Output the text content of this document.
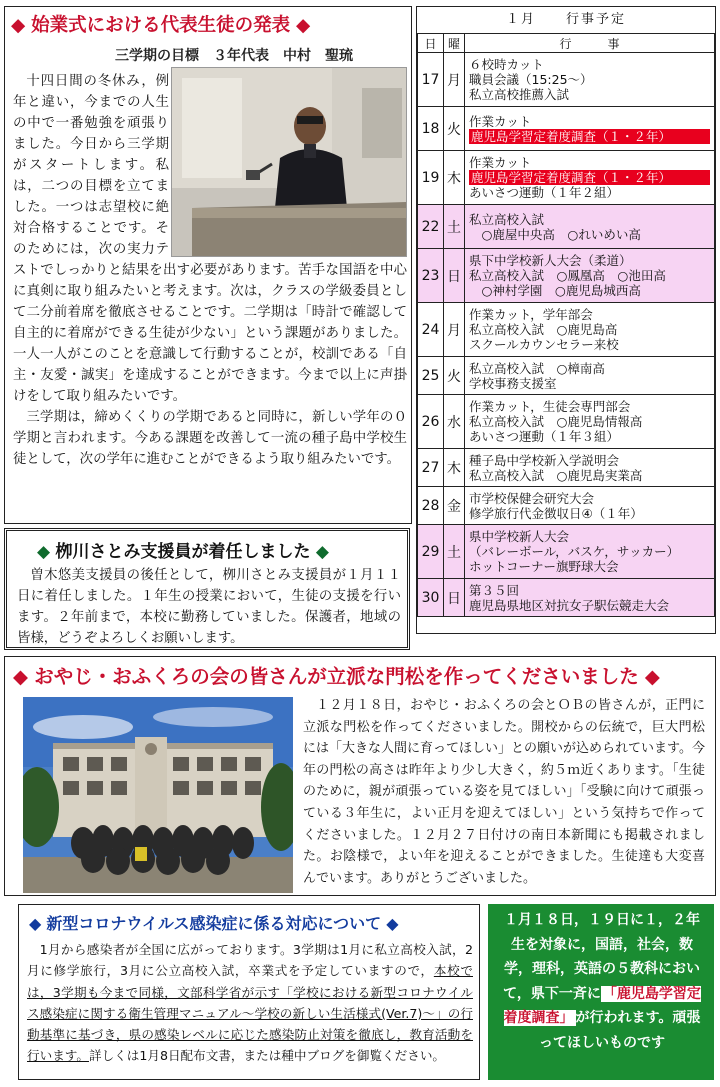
◆ 始業式における代表生徒の発表 ◆
三学期の目標　３年代表　中村　聖琉

十四日間の冬休み，例年と違い，今までの人生の中で一番勉強を頑張りました。今日から三学期がスタートします。私は，二つの目標を立てました。一つは志望校に絶対合格することです。そのためには，次の実力テストでしっかりと結果を出す必要があります。苦手な国語を中心に真剣に取り組みたいと考えます。次は，クラスの学級委員として二分前着席を徹底させることです。二学期は「時計で確認して自主的に着席ができる生徒が少ない」という課題がありました。一人一人がこのことを意識して行動することが，校訓である「自主・友愛・誠実」を達成することができます。今まで以上に声掛けをして取り組みたいです。

三学期は，締めくくりの学期であると同時に，新しい学年の０学期と言われます。今ある課題を改善して一流の種子島中学校生徒として，次の学年に進むことができるよう取り組みたいです。

１月　　行事予定
日	曜	行　　　事
17	月	６校時カット
職員会議（15:25～）
私立高校推薦入試

18	火	作業カット
鹿児島学習定着度調査（１・２年）
19	木	作業カット
鹿児島学習定着度調査（１・２年）
あいさつ運動（１年２組）

22	土	私立高校入試
　○鹿屋中央高　○れいめい高

23	日	県下中学校新人大会（柔道）
私立高校入試　○鳳凰高　○池田高
　○神村学園　○鹿児島城西高

24	月	作業カット，学年部会
私立高校入試　○鹿児島高
スクールカウンセラー来校

25	火	私立高校入試　○樟南高
学校事務支援室

26	水	作業カット，生徒会専門部会
私立高校入試　○鹿児島情報高
あいさつ運動（１年３組）

27	木	種子島中学校新入学説明会
私立高校入試　○鹿児島実業高

28	金	市学校保健会研究大会
修学旅行代金徴収日④（１年）

29	土	県中学校新人大会
（バレーボール，バスケ，サッカー）
ホットコーナー旗野球大会

30	日	第３５回
鹿児島県地区対抗女子駅伝競走大会
◆ 栁川さとみ支援員が着任しました ◆

曽木悠美支援員の後任として，栁川さとみ支援員が１月１１日に着任しました。１年生の授業において，生徒の支援を行います。２年前まで，本校に勤務していました。保護者，地域の皆様，どうぞよろしくお願いします。

◆ おやじ・おふくろの会の皆さんが立派な門松を作ってくださいました ◆

１２月１８日，おやじ・おふくろの会とＯＢの皆さんが，正門に立派な門松を作ってくださいました。開校からの伝統で，巨大門松には「大きな人間に育ってほしい」との願いが込められています。今年の門松の高さは昨年より少し大きく，約５ｍ近くあります。「生徒のために，親が頑張っている姿を見てほしい」「受験に向けて頑張っている３年生に，よい正月を迎えてほしい」という気持ちで作ってくださいました。１２月２７日付けの南日本新聞にも掲載されました。お陰様で，よい年を迎えることができました。生徒達も大変喜んでいます。ありがとうございました。

◆ 新型コロナウイルス感染症に係る対応について ◆

1月から感染者が全国に広がっております。3学期は1月に私立高校入試，2月に修学旅行，3月に公立高校入試，卒業式を予定していますので，本校では，3学期も今まで同様，文部科学省が示す「学校における新型コロナウイルス感染症に関する衛生管理マニュアル～学校の新しい生活様式(Ver.7)～」の行動基準に基づき，県の感染レベルに応じた感染防止対策を徹底し，教育活動を行います。詳しくは1月8日配布文書，または種中ブログを御覧ください。

１月１８日，１９日に１，２年生を対象に，国語，社会，数学，理科，英語の５教科において，県下一斉に 「鹿児島学習定着度調査」 が行われます。頑張ってほしいものです
